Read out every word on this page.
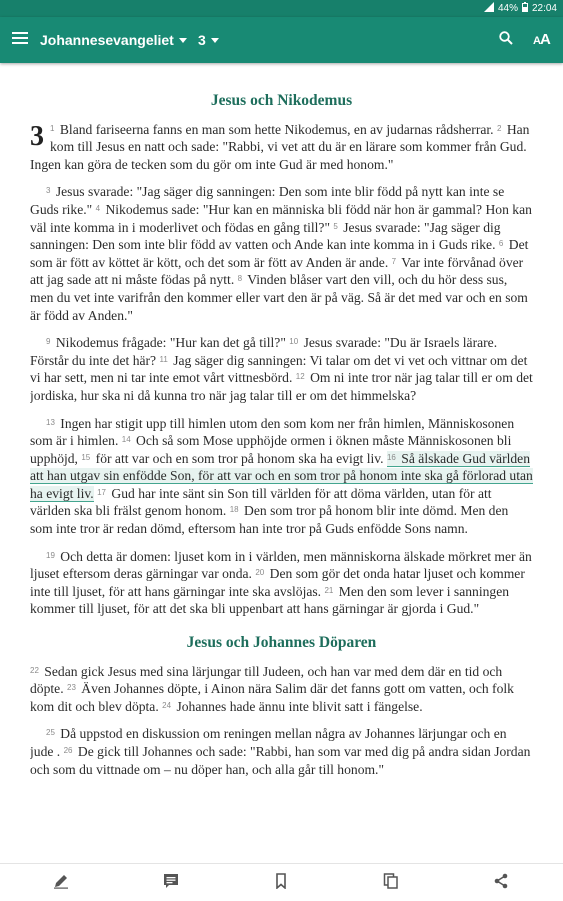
44% 22:04
Johannesevangeliet 3	A A
Jesus och Nikodemus

3 $^1$ Bland fariseerna fanns en man som hette Nikodemus, en av judarnas rådsherrar. $^2$ Han kom till Jesus en natt och sade: "Rabbi, vi vet att du är en lärare som kommer från Gud. Ingen kan göra de tecken som du gör om inte Gud är med honom."

$^3$ Jesus svarade: "Jag säger dig sanningen: Den som inte blir född på nytt kan inte se Guds rike." $^4$ Nikodemus sade: "Hur kan en människa bli född när hon är gammal? Hon kan väl inte komma in i moderlivet och födas en gång till?" $^5$ Jesus svarade: "Jag säger dig sanningen: Den som inte blir född av vatten och Ande kan inte komma in i Guds rike. $^6$ Det som är fött av köttet är kött, och det som är fött av Anden är ande. $^7$ Var inte förvånad över att jag sade att ni måste födas på nytt. $^8$ Vinden blåser vart den vill, och du hör dess sus, men du vet inte varifrån den kommer eller vart den är på väg. Så är det med var och en som är född av Anden."

$^9$ Nikodemus frågade: "Hur kan det gå till?" $^{10}$ Jesus svarade: "Du är Israels lärare. Förstår du inte det här? $^{11}$ Jag säger dig sanningen: Vi talar om det vi vet och vittnar om det vi har sett, men ni tar inte emot vårt vittnesbörd. $^{12}$ Om ni inte tror när jag talar till er om det jordiska, hur ska ni då kunna tro när jag talar till er om det himmelska?

$^{13}$ Ingen har stigit upp till himlen utom den som kom ner från himlen, Människosonen som är i himlen. $^{14}$ Och så som Mose upphöjde ormen i öknen måste Människosonen bli upphöjd, $^{15}$ för att var och en som tror på honom ska ha evigt liv. $^{16}$ Så älskade Gud världen att han utgav sin enfödde Son, för att var och en som tror på honom inte ska gå förlorad utan ha evigt liv. $^{17}$ Gud har inte sänt sin Son till världen för att döma världen, utan för att världen ska bli frälst genom honom. $^{18}$ Den som tror på honom blir inte dömd. Men den som inte tror är redan dömd, eftersom han inte tror på Guds enfödde Sons namn.

$^{19}$ Och detta är domen: ljuset kom in i världen, men människorna älskade mörkret mer än ljuset eftersom deras gärningar var onda. $^{20}$ Den som gör det onda hatar ljuset och kommer inte till ljuset, för att hans gärningar inte ska avslöjas. $^{21}$ Men den som lever i sanningen kommer till ljuset, för att det ska bli uppenbart att hans gärningar är gjorda i Gud."

Jesus och Johannes Döparen

$^{22}$ Sedan gick Jesus med sina lärjungar till Judeen, och han var med dem där en tid och döpte. $^{23}$ Även Johannes döpte, i Ainon nära Salim där det fanns gott om vatten, och folk kom dit och blev döpta. $^{24}$ Johannes hade ännu inte blivit satt i fängelse.

$^{25}$ Då uppstod en diskussion om reningen mellan några av Johannes lärjungar och en jude . $^{26}$ De gick till Johannes och sade: "Rabbi, han som var med dig på andra sidan Jordan och som du vittnade om – nu döper han, och alla går till honom."
